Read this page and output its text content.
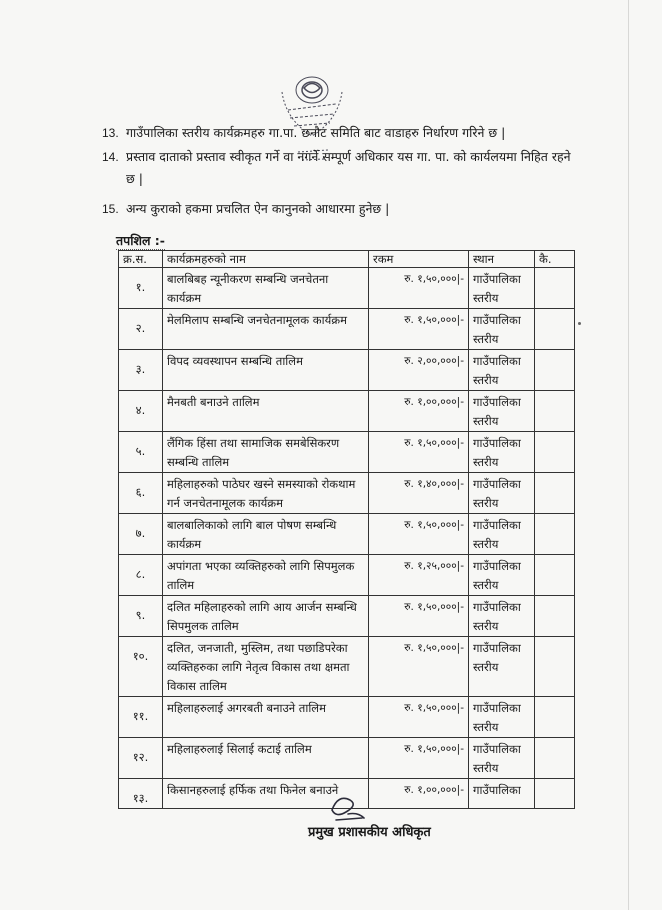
13. गाउँपालिका स्तरीय कार्यक्रमहरु गा.पा. छनौट समिति बाट वाडाहरु निर्धारण गरिने छ |
14. प्रस्ताव दाताको प्रस्ताव स्वीकृत गर्ने वा नगर्ने सम्पूर्ण अधिकार यस गा. पा. को कार्यलयमा निहित रहने छ |
15. अन्य कुराको हकमा प्रचलित ऐन कानुनको आधारमा हुनेछ |
तपशिल :-
क्र.स.	कार्यक्रमहरुको नाम	रकम	स्थान	कै.
१.	बालबिबह न्यूनीकरण सम्बन्धि जनचेतना कार्यक्रम	रु. १,५०,०००|-	गाउँपालिका स्तरीय	
२.	मेलमिलाप सम्बन्धि जनचेतनामूलक कार्यक्रम	रु. १,५०,०००|-	गाउँपालिका स्तरीय	
३.	विपद व्यवस्थापन सम्बन्धि तालिम	रु. २,००,०००|-	गाउँपालिका स्तरीय	
४.	मैनबती बनाउने तालिम	रु. १,००,०००|-	गाउँपालिका स्तरीय	
५.	लैंगिक हिंसा तथा सामाजिक समबेसिकरण सम्बन्धि तालिम	रु. १,५०,०००|-	गाउँपालिका स्तरीय	
६.	महिलाहरुको पाठेघर खस्ने समस्याको रोकथाम गर्न जनचेतनामूलक कार्यक्रम	रु. १,४०,०००|-	गाउँपालिका स्तरीय	
७.	बालबालिकाको लागि बाल पोषण सम्बन्धि कार्यक्रम	रु. १,५०,०००|-	गाउँपालिका स्तरीय	
८.	अपांगता भएका व्यक्तिहरुको लागि सिपमुलक तालिम	रु. १,२५,०००|-	गाउँपालिका स्तरीय	
९.	दलित महिलाहरुको लागि आय आर्जन सम्बन्धि सिपमुलक तालिम	रु. १,५०,०००|-	गाउँपालिका स्तरीय	
१०.	दलित, जनजाती, मुस्लिम, तथा पछाडिपरेका व्यक्तिहरुका लागि नेतृत्व विकास तथा क्षमता विकास तालिम	रु. १,५०,०००|-	गाउँपालिका स्तरीय	
११.	महिलाहरुलाई अगरबती बनाउने तालिम	रु. १,५०,०००|-	गाउँपालिका स्तरीय	
१२.	महिलाहरुलाई सिलाई कटाई तालिम	रु. १,५०,०००|-	गाउँपालिका स्तरीय	
१३.	किसानहरुलाई हर्फिक तथा फिनेल बनाउने	रु. १,००,०००|-	गाउँपालिका	
प्रमुख प्रशासकीय अधिकृत
